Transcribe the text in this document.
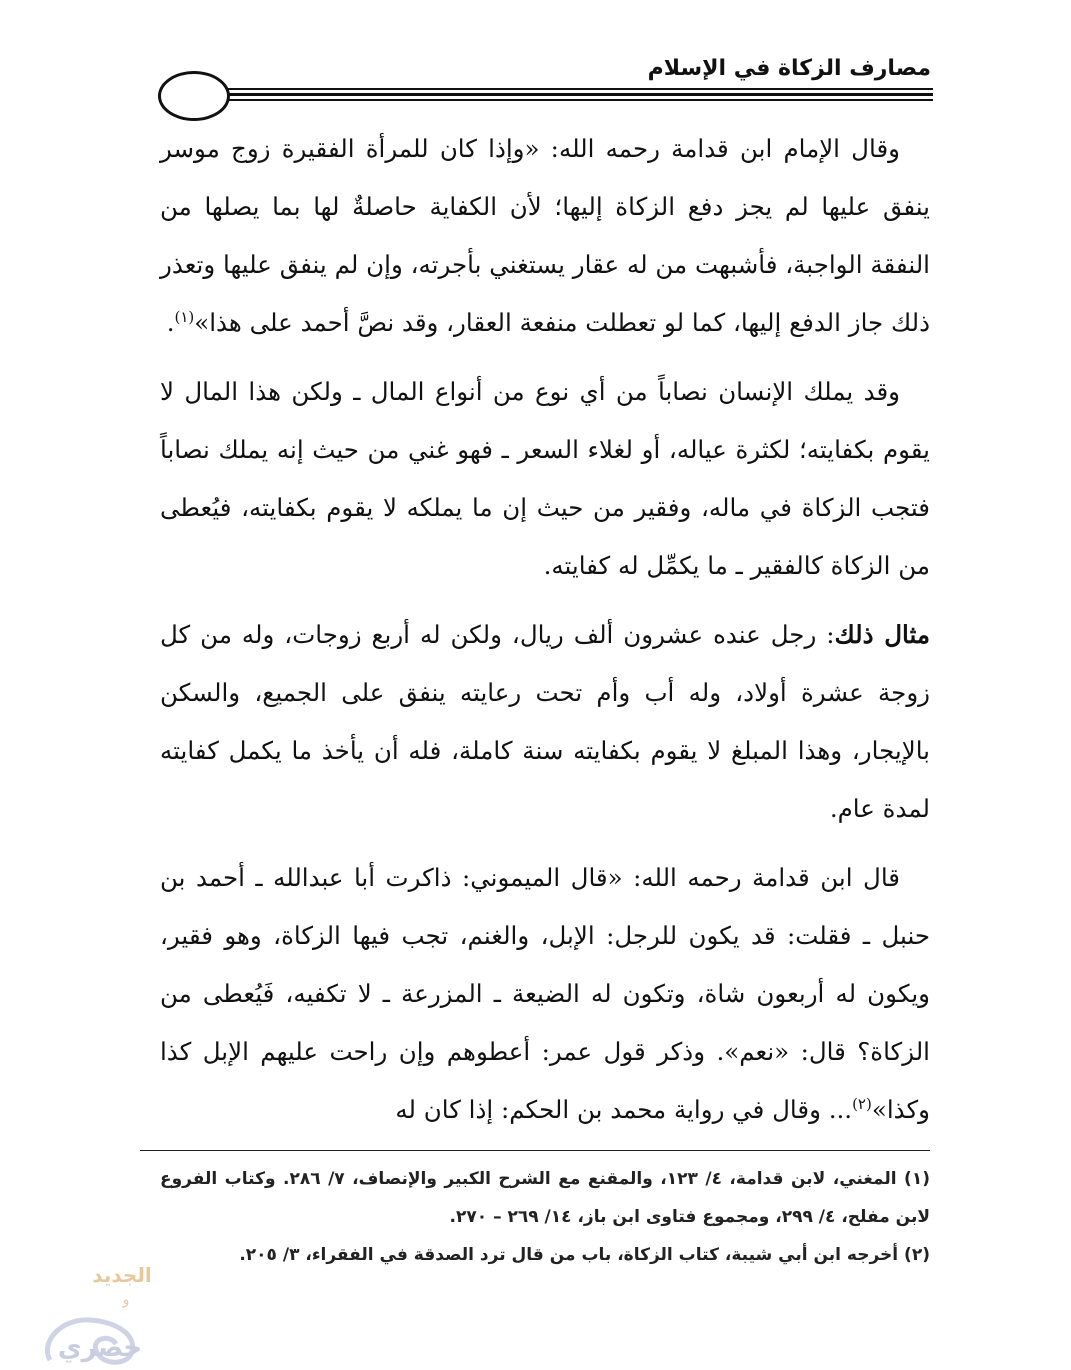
مصارف الزكاة في الإسلام

وقال الإمام ابن قدامة رحمه الله: «وإذا كان للمرأة الفقيرة زوج موسر ينفق عليها لم يجز دفع الزكاة إليها؛ لأن الكفاية حاصلةٌ لها بما يصلها من النفقة الواجبة، فأشبهت من له عقار يستغني بأجرته، وإن لم ينفق عليها وتعذر ذلك جاز الدفع إليها، كما لو تعطلت منفعة العقار، وقد نصَّ أحمد على هذا»$^{(١)}$.

وقد يملك الإنسان نصاباً من أي نوع من أنواع المال ـ ولكن هذا المال لا يقوم بكفايته؛ لكثرة عياله، أو لغلاء السعر ـ فهو غني من حيث إنه يملك نصاباً فتجب الزكاة في ماله، وفقير من حيث إن ما يملكه لا يقوم بكفايته، فيُعطى من الزكاة كالفقير ـ ما يكمِّل له كفايته.

مثال ذلك: رجل عنده عشرون ألف ريال، ولكن له أربع زوجات، وله من كل زوجة عشرة أولاد، وله أب وأم تحت رعايته ينفق على الجميع، والسكن بالإيجار، وهذا المبلغ لا يقوم بكفايته سنة كاملة، فله أن يأخذ ما يكمل كفايته لمدة عام.

قال ابن قدامة رحمه الله: «قال الميموني: ذاكرت أبا عبدالله ـ أحمد بن حنبل ـ فقلت: قد يكون للرجل: الإبل، والغنم، تجب فيها الزكاة، وهو فقير، ويكون له أربعون شاة، وتكون له الضيعة ـ المزرعة ـ لا تكفيه، فَيُعطى من الزكاة؟ قال: «نعم». وذكر قول عمر: أعطوهم وإن راحت عليهم الإبل كذا وكذا»$^{(٢)}$... وقال في رواية محمد بن الحكم: إذا كان له

(١) المغني، لابن قدامة، ٤/ ١٢٣، والمقنع مع الشرح الكبير والإنصاف، ٧/ ٢٨٦. وكتاب الفروع لابن مفلح، ٤/ ٢٩٩، ومجموع فتاوى ابن باز، ١٤/ ٢٦٩ – ٢٧٠.

(٢) أخرجه ابن أبي شيبة، كتاب الزكاة، باب من قال ترد الصدقة في الفقراء، ٣/ ٢٠٥.

الجديد
و
حصري
